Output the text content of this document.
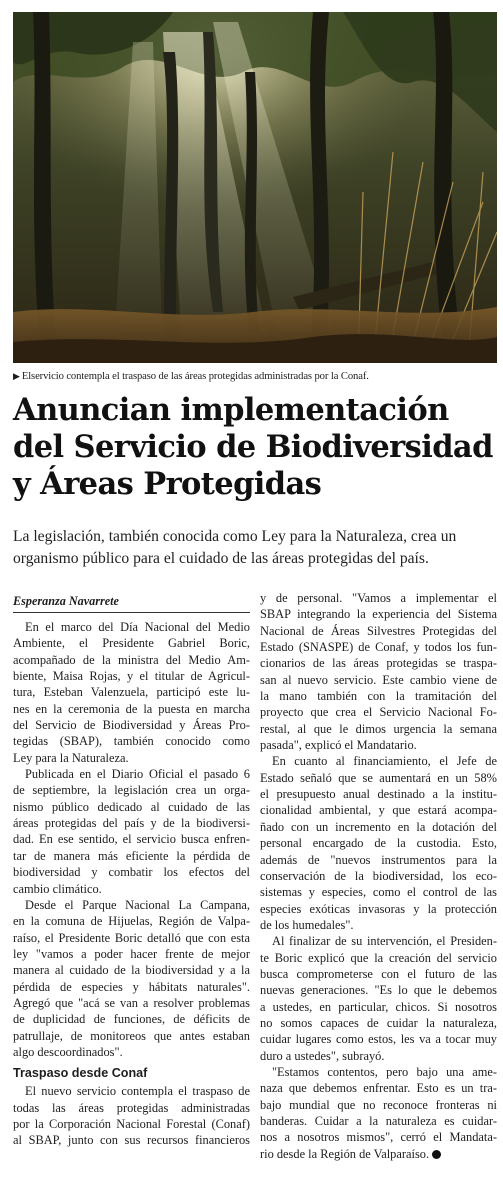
▶ Elservicio contempla el traspaso de las áreas protegidas administradas por la Conaf.
Anuncian implementación
del Servicio de Biodiversidad
y Áreas Protegidas
La legislación, también conocida como Ley para la Naturaleza, crea un
organismo público para el cuidado de las áreas protegidas del país.
Esperanza Navarrete
En el marco del Día Nacional del Medio
Ambiente, el Presidente Gabriel Boric,
acompañado de la ministra del Medio Am-
biente, Maisa Rojas, y el titular de Agricul-
tura, Esteban Valenzuela, participó este lu-
nes en la ceremonia de la puesta en marcha
del Servicio de Biodiversidad y Áreas Pro-
tegidas (SBAP), también conocido como
Ley para la Naturaleza.
Publicada en el Diario Oficial el pasado 6
de septiembre, la legislación crea un orga-
nismo público dedicado al cuidado de las
áreas protegidas del país y de la biodiversi-
dad. En ese sentido, el servicio busca enfren-
tar de manera más eficiente la pérdida de
biodiversidad y combatir los efectos del
cambio climático.
Desde el Parque Nacional La Campana,
en la comuna de Hijuelas, Región de Valpa-
raíso, el Presidente Boric detalló que con esta
ley "vamos a poder hacer frente de mejor
manera al cuidado de la biodiversidad y a la
pérdida de especies y hábitats naturales".
Agregó que "acá se van a resolver problemas
de duplicidad de funciones, de déficits de
patrullaje, de monitoreos que antes estaban
algo descoordinados".
Traspaso desde Conaf
El nuevo servicio contempla el traspaso de
todas las áreas protegidas administradas
por la Corporación Nacional Forestal (Conaf)
al SBAP, junto con sus recursos financieros
y de personal. "Vamos a implementar el
SBAP integrando la experiencia del Sistema
Nacional de Áreas Silvestres Protegidas del
Estado (SNASPE) de Conaf, y todos los fun-
cionarios de las áreas protegidas se traspa-
san al nuevo servicio. Este cambio viene de
la mano también con la tramitación del
proyecto que crea el Servicio Nacional Fo-
restal, al que le dimos urgencia la semana
pasada", explicó el Mandatario.
En cuanto al financiamiento, el Jefe de
Estado señaló que se aumentará en un 58%
el presupuesto anual destinado a la institu-
cionalidad ambiental, y que estará acompa-
ñado con un incremento en la dotación del
personal encargado de la custodia. Esto,
además de "nuevos instrumentos para la
conservación de la biodiversidad, los eco-
sistemas y especies, como el control de las
especies exóticas invasoras y la protección
de los humedales".
Al finalizar de su intervención, el Presiden-
te Boric explicó que la creación del servicio
busca comprometerse con el futuro de las
nuevas generaciones. "Es lo que le debemos
a ustedes, en particular, chicos. Si nosotros
no somos capaces de cuidar la naturaleza,
cuidar lugares como estos, les va a tocar muy
duro a ustedes", subrayó.
"Estamos contentos, pero bajo una ame-
naza que debemos enfrentar. Esto es un tra-
bajo mundial que no reconoce fronteras ni
banderas. Cuidar a la naturaleza es cuidar-
nos a nosotros mismos", cerró el Mandata-
rio desde la Región de Valparaíso.
